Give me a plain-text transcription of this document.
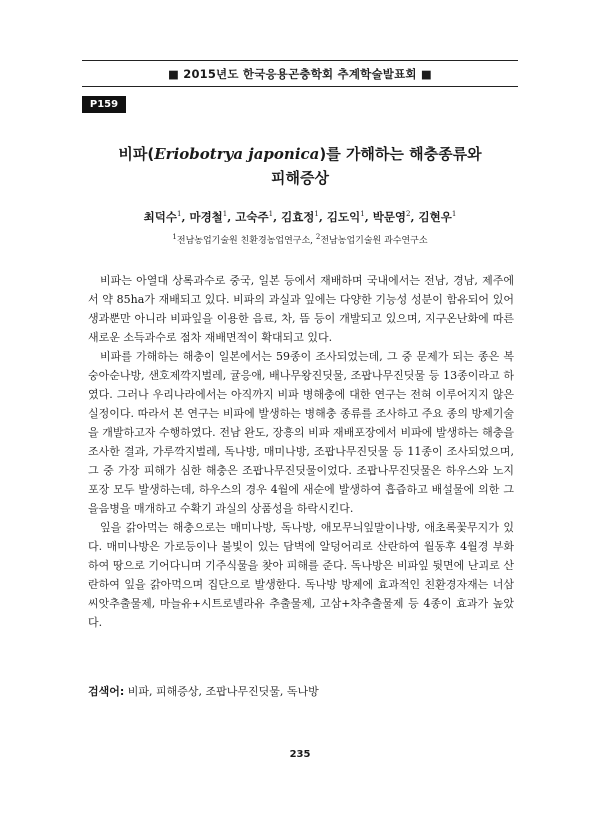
■ 2015년도 한국응용곤충학회 추계학술발표회 ■
P159
비파(Eriobotrya japonica)를 가해하는 해충종류와
피해증상
최덕수$^1$, 마경철$^1$, 고숙주$^1$, 김효정$^1$, 김도익$^1$, 박문영$^2$, 김현우$^1$
$^1$전남농업기술원 친환경농업연구소, $^2$전남농업기술원 과수연구소

비파는 아열대 상록과수로 중국, 일본 등에서 재배하며 국내에서는 전남, 경남, 제주에서 약 85ha가 재배되고 있다. 비파의 과실과 잎에는 다양한 기능성 성분이 함유되어 있어 생과뿐만 아니라 비파잎을 이용한 음료, 차, 뜸 등이 개발되고 있으며, 지구온난화에 따른 새로운 소득과수로 점차 재배면적이 확대되고 있다.

비파를 가해하는 해충이 일본에서는 59종이 조사되었는데, 그 중 문제가 되는 종은 복숭아순나방, 샌호제깍지벌레, 귤응애, 배나무왕진딧물, 조팝나무진딧물 등 13종이라고 하였다. 그러나 우리나라에서는 아직까지 비파 병해충에 대한 연구는 전혀 이루어지지 않은 실정이다. 따라서 본 연구는 비파에 발생하는 병해충 종류를 조사하고 주요 종의 방제기술을 개발하고자 수행하였다. 전남 완도, 장흥의 비파 재배포장에서 비파에 발생하는 해충을 조사한 결과, 가루깍지벌레, 독나방, 매미나방, 조팝나무진딧물 등 11종이 조사되었으며, 그 중 가장 피해가 심한 해충은 조팝나무진딧물이었다. 조팝나무진딧물은 하우스와 노지포장 모두 발생하는데, 하우스의 경우 4월에 새순에 발생하여 흡즙하고 배설물에 의한 그을음병을 매개하고 수확기 과실의 상품성을 하락시킨다.

잎을 갉아먹는 해충으로는 매미나방, 독나방, 애모무늬잎말이나방, 애초록꽃무지가 있다. 매미나방은 가로등이나 불빛이 있는 담벽에 알덩어리로 산란하여 월동후 4월경 부화하여 땅으로 기어다니며 기주식물을 찾아 피해를 준다. 독나방은 비파잎 뒷면에 난괴로 산란하여 잎을 갉아먹으며 집단으로 발생한다. 독나방 방제에 효과적인 친환경자재는 너삼씨앗추출물제, 마늘유+시트로넬라유 추출물제, 고삼+차추출물제 등 4종이 효과가 높았다.

검색어: 비파, 피해증상, 조팝나무진딧물, 독나방
235
